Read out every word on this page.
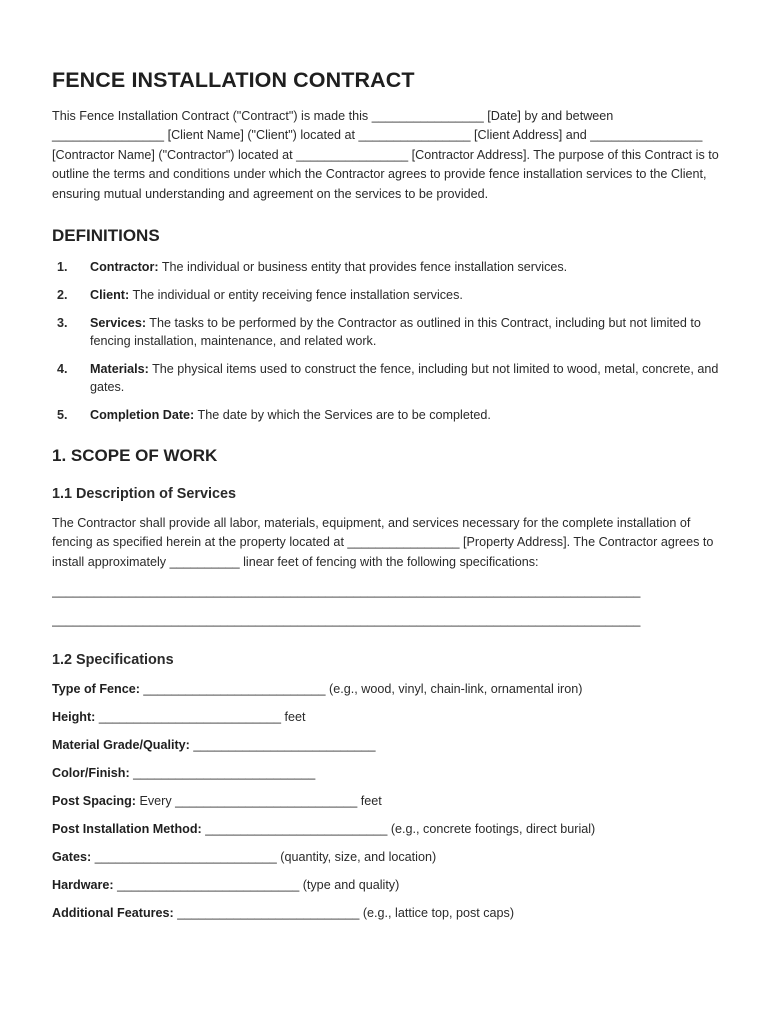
FENCE INSTALLATION CONTRACT

This Fence Installation Contract ("Contract") is made this ________________ [Date] by and between ________________ [Client Name] ("Client") located at ________________ [Client Address] and ________________ [Contractor Name] ("Contractor") located at ________________ [Contractor Address]. The purpose of this Contract is to outline the terms and conditions under which the Contractor agrees to provide fence installation services to the Client, ensuring mutual understanding and agreement on the services to be provided.

DEFINITIONS
1. Contractor: The individual or business entity that provides fence installation services.
2. Client: The individual or entity receiving fence installation services.
3. Services: The tasks to be performed by the Contractor as outlined in this Contract, including but not limited to fencing installation, maintenance, and related work.
4. Materials: The physical items used to construct the fence, including but not limited to wood, metal, concrete, and gates.
5. Completion Date: The date by which the Services are to be completed.
1. SCOPE OF WORK
1.1 Description of Services

The Contractor shall provide all labor, materials, equipment, and services necessary for the complete installation of fencing as specified herein at the property located at ________________ [Property Address]. The Contractor agrees to install approximately __________ linear feet of fencing with the following specifications:

____________________________________________________________________________________
____________________________________________________________________________________
1.2 Specifications
Type of Fence: __________________________ (e.g., wood, vinyl, chain-link, ornamental iron)
Height: __________________________ feet
Material Grade/Quality: __________________________
Color/Finish: __________________________
Post Spacing: Every __________________________ feet
Post Installation Method: __________________________ (e.g., concrete footings, direct burial)
Gates: __________________________ (quantity, size, and location)
Hardware: __________________________ (type and quality)
Additional Features: __________________________ (e.g., lattice top, post caps)
